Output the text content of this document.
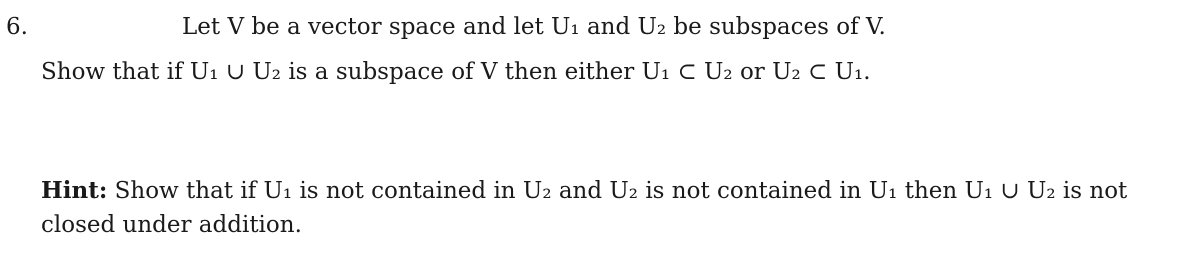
6.	Let V be a vector space and let U₁ and U₂ be subspaces of V.
Show that if U₁ ∪ U₂ is a subspace of V then either U₁ ⊂ U₂ or U₂ ⊂ U₁.
Hint: Show that if U₁ is not contained in U₂ and U₂ is not contained in U₁ then U₁ ∪ U₂ is not
closed under addition.
